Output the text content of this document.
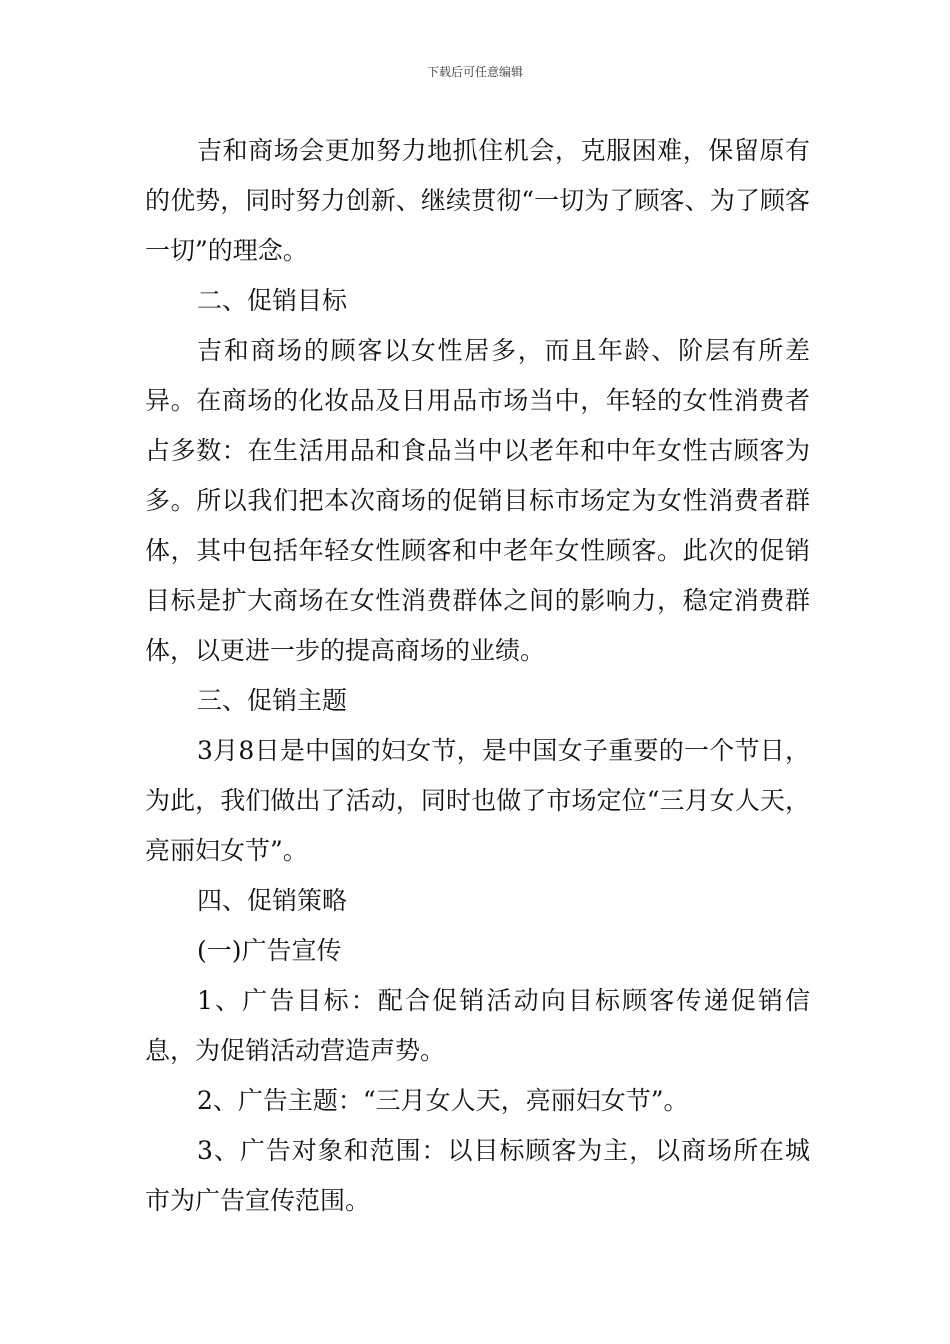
下载后可任意编辑

吉和商场会更加努力地抓住机会，克服困难，保留原有的优势，同时努力创新、继续贯彻“一切为了顾客、为了顾客一切”的理念。

二、促销目标

吉和商场的顾客以女性居多，而且年龄、阶层有所差异。在商场的化妆品及日用品市场当中，年轻的女性消费者占多数：在生活用品和食品当中以老年和中年女性古顾客为多。所以我们把本次商场的促销目标市场定为女性消费者群体，其中包括年轻女性顾客和中老年女性顾客。此次的促销目标是扩大商场在女性消费群体之间的影响力，稳定消费群体，以更进一步的提高商场的业绩。

三、促销主题

3月8日是中国的妇女节，是中国女子重要的一个节日，为此，我们做出了活动，同时也做了市场定位“三月女人天，亮丽妇女节”。

四、促销策略

(一)广告宣传

1、广告目标：配合促销活动向目标顾客传递促销信息，为促销活动营造声势。

2、广告主题：“三月女人天，亮丽妇女节”。

3、广告对象和范围：以目标顾客为主，以商场所在城市为广告宣传范围。
